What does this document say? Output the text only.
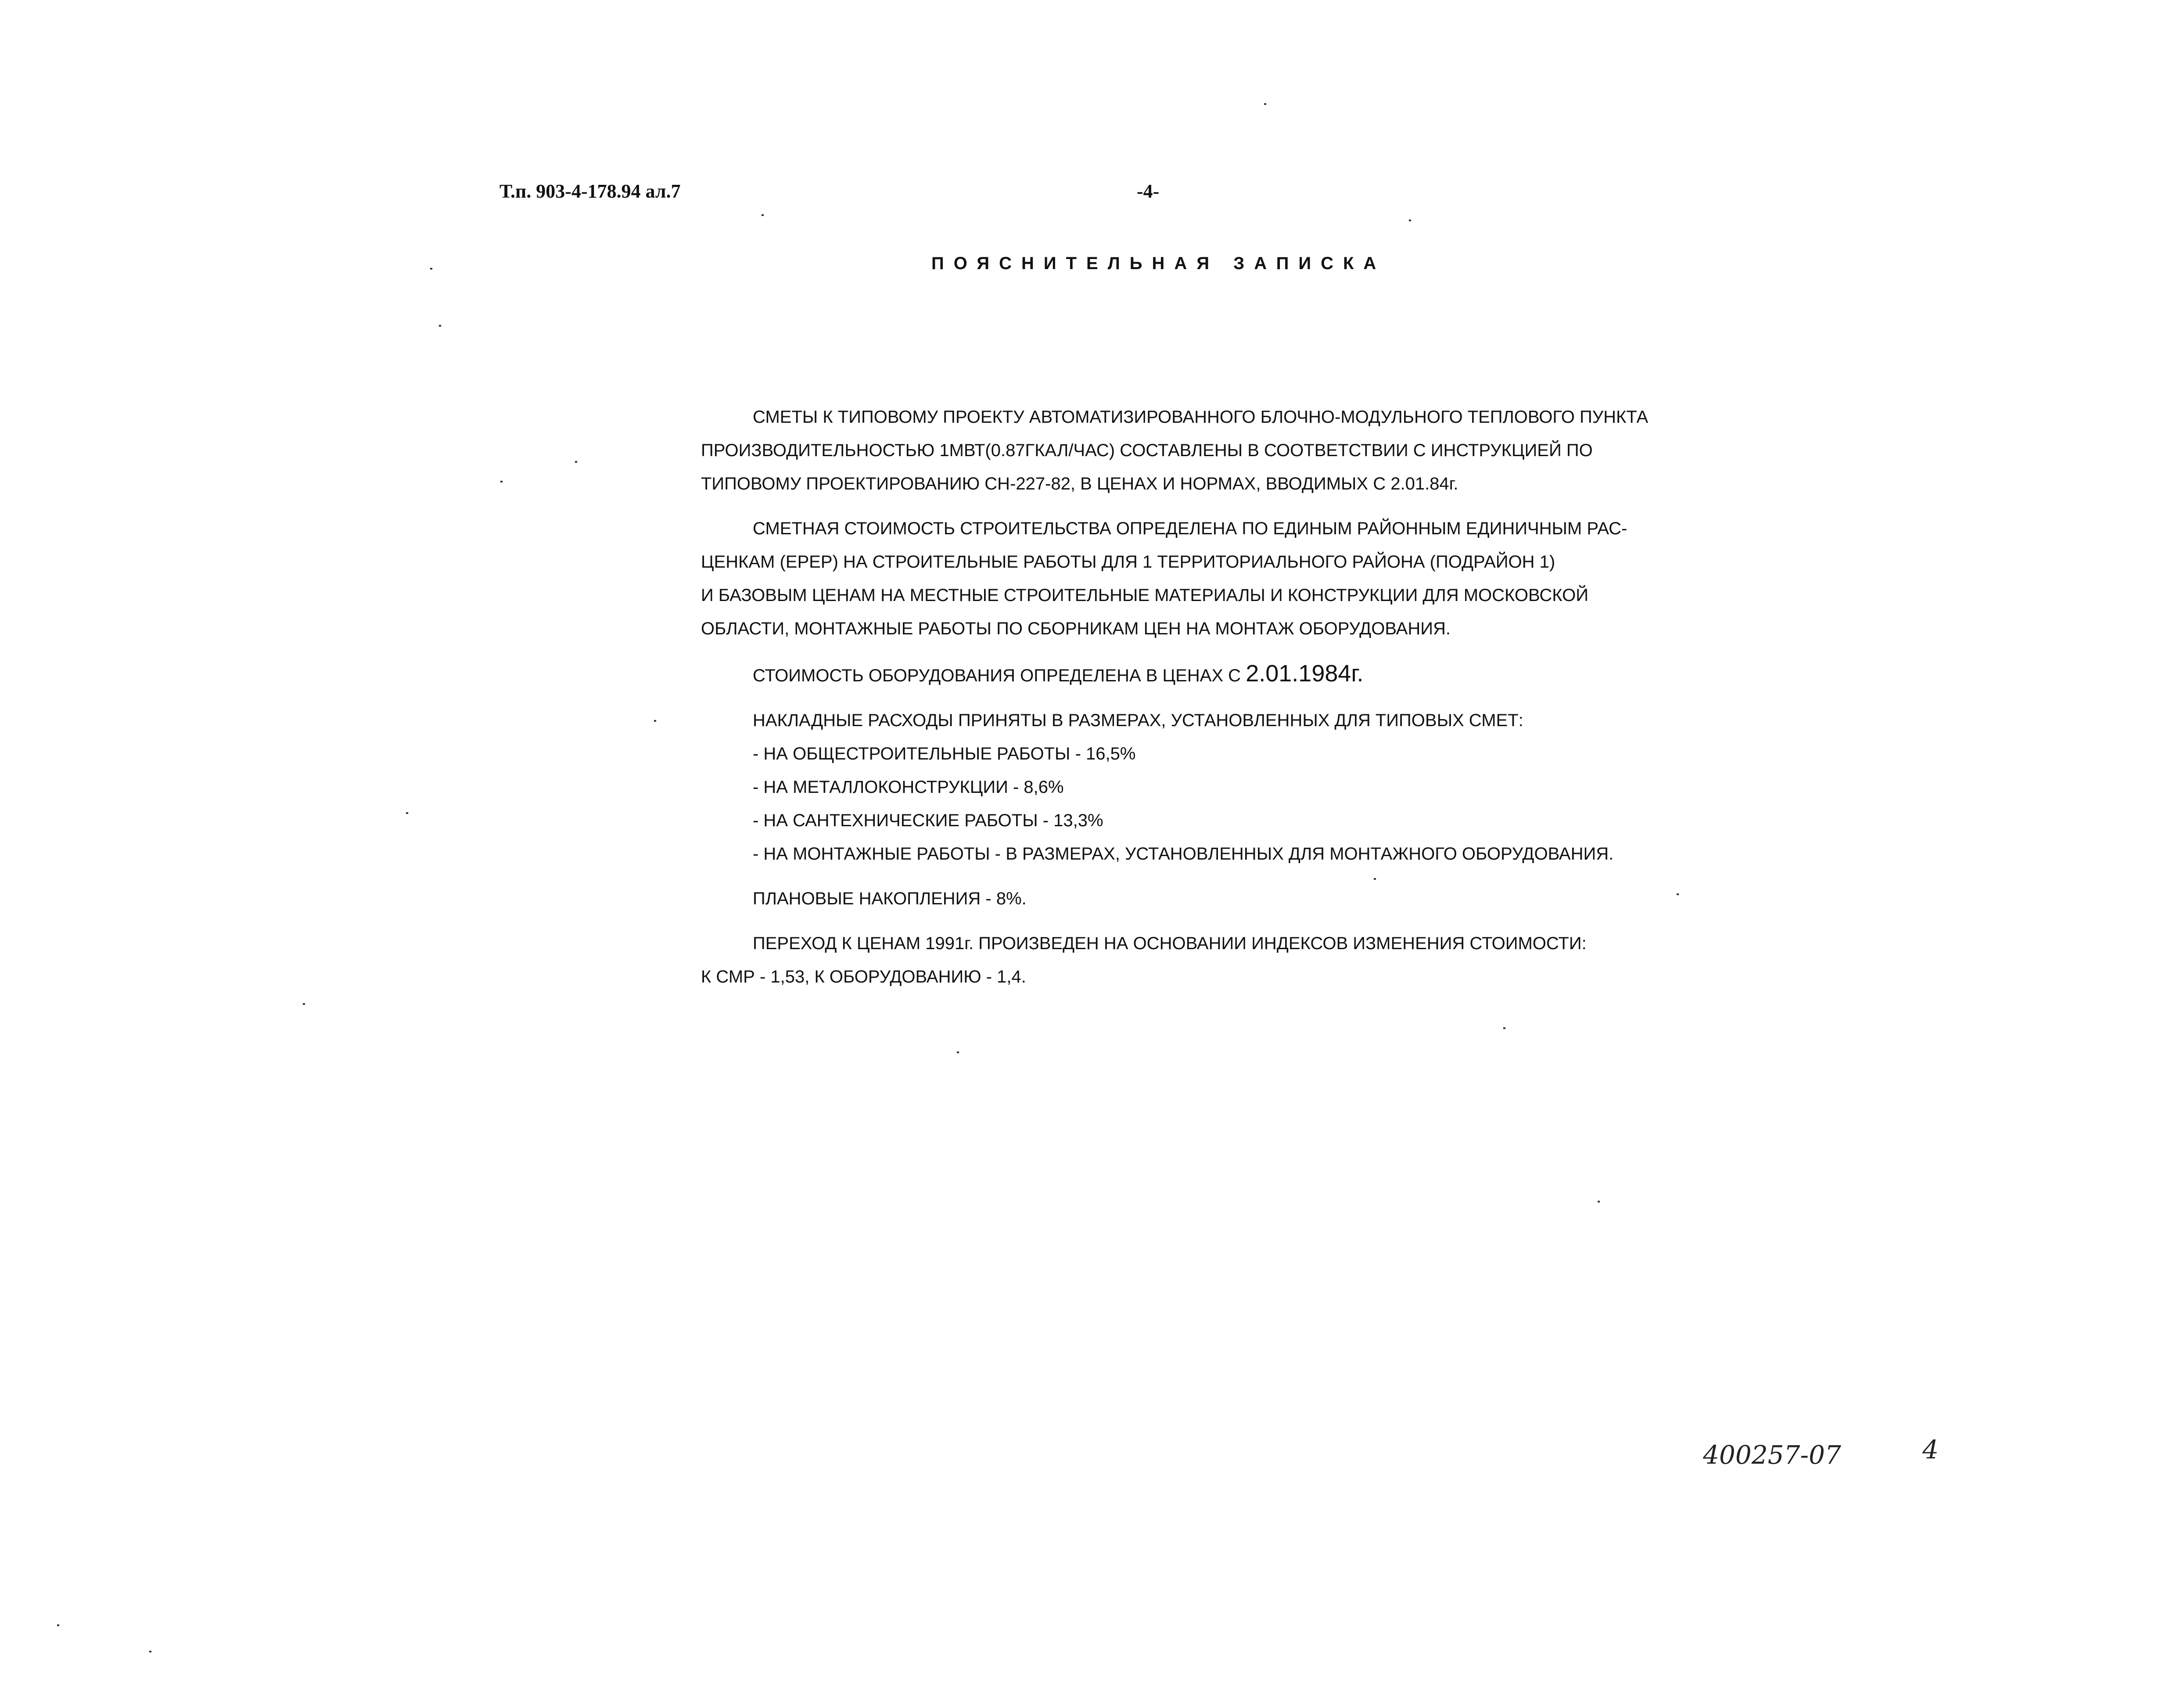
Т.п. 903-4-178.94 ал.7	-4-
ПОЯСНИТЕЛЬНАЯ ЗАПИСКА
СМЕТЫ К ТИПОВОМУ ПРОЕКТУ АВТОМАТИЗИРОВАННОГО БЛОЧНО-МОДУЛЬНОГО ТЕПЛОВОГО ПУНКТА
ПРОИЗВОДИТЕЛЬНОСТЬЮ 1МВТ(0.87ГКАЛ/ЧАС) СОСТАВЛЕНЫ В СООТВЕТСТВИИ С ИНСТРУКЦИЕЙ ПО
ТИПОВОМУ ПРОЕКТИРОВАНИЮ СН-227-82, В ЦЕНАХ И НОРМАХ, ВВОДИМЫХ С 2.01.84г.
СМЕТНАЯ СТОИМОСТЬ СТРОИТЕЛЬСТВА ОПРЕДЕЛЕНА ПО ЕДИНЫМ РАЙОННЫМ ЕДИНИЧНЫМ РАС-
ЦЕНКАМ (ЕРЕР) НА СТРОИТЕЛЬНЫЕ РАБОТЫ ДЛЯ 1 ТЕРРИТОРИАЛЬНОГО РАЙОНА (ПОДРАЙОН 1)
И БАЗОВЫМ ЦЕНАМ НА МЕСТНЫЕ СТРОИТЕЛЬНЫЕ МАТЕРИАЛЫ И КОНСТРУКЦИИ ДЛЯ МОСКОВСКОЙ
ОБЛАСТИ, МОНТАЖНЫЕ РАБОТЫ ПО СБОРНИКАМ ЦЕН НА МОНТАЖ ОБОРУДОВАНИЯ.
СТОИМОСТЬ ОБОРУДОВАНИЯ ОПРЕДЕЛЕНА В ЦЕНАХ С 2.01.1984г.
НАКЛАДНЫЕ РАСХОДЫ ПРИНЯТЫ В РАЗМЕРАХ, УСТАНОВЛЕННЫХ ДЛЯ ТИПОВЫХ СМЕТ:
- НА ОБЩЕСТРОИТЕЛЬНЫЕ РАБОТЫ - 16,5%
- НА МЕТАЛЛОКОНСТРУКЦИИ - 8,6%
- НА САНТЕХНИЧЕСКИЕ РАБОТЫ - 13,3%
- НА МОНТАЖНЫЕ РАБОТЫ - В РАЗМЕРАХ, УСТАНОВЛЕННЫХ ДЛЯ МОНТАЖНОГО ОБОРУДОВАНИЯ.
ПЛАНОВЫЕ НАКОПЛЕНИЯ - 8%.
ПЕРЕХОД К ЦЕНАМ 1991г. ПРОИЗВЕДЕН НА ОСНОВАНИИ ИНДЕКСОВ ИЗМЕНЕНИЯ СТОИМОСТИ:
К СМР - 1,53, К ОБОРУДОВАНИЮ - 1,4.
400257-07	4
